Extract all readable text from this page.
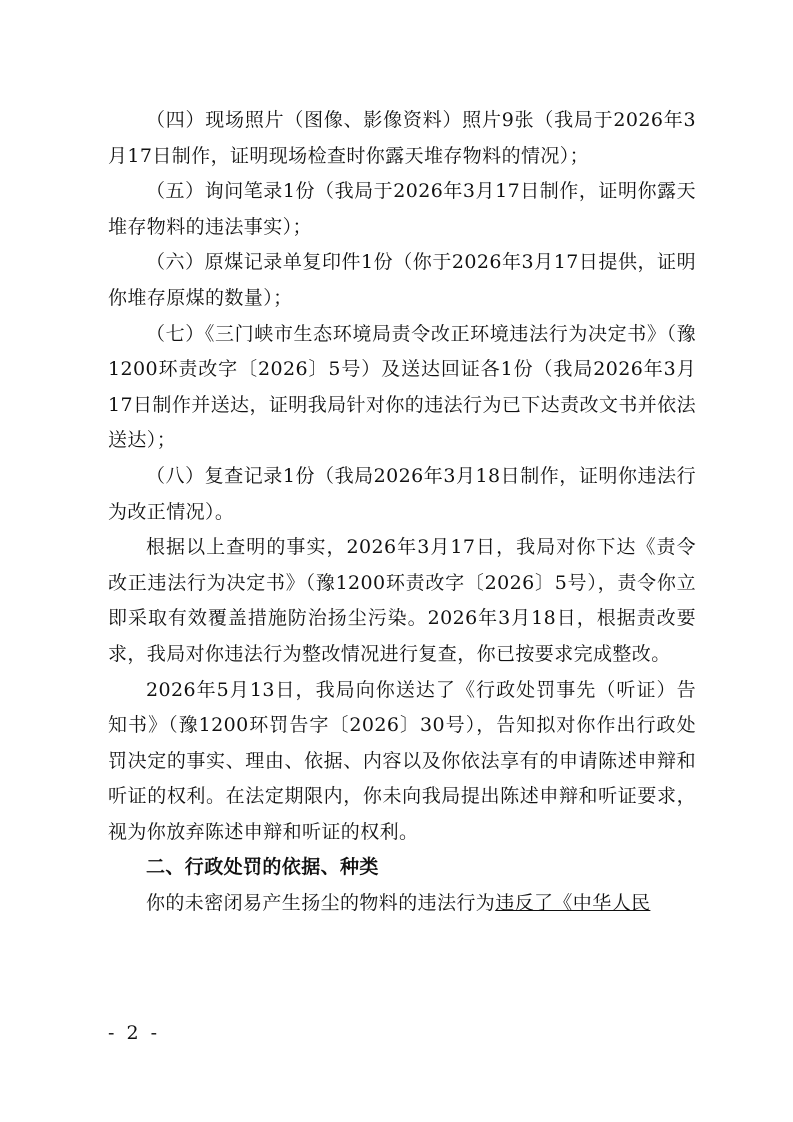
（四）现场照片（图像、影像资料）照片9张（我局于2026年3月17日制作，证明现场检查时你露天堆存物料的情况）；

（五）询问笔录1份（我局于2026年3月17日制作，证明你露天堆存物料的违法事实）；

（六）原煤记录单复印件1份（你于2026年3月17日提供，证明你堆存原煤的数量）；

（七）《三门峡市生态环境局责令改正环境违法行为决定书》（豫1200环责改字〔2026〕5号）及送达回证各1份（我局2026年3月17日制作并送达，证明我局针对你的违法行为已下达责改文书并依法送达）；

（八）复查记录1份（我局2026年3月18日制作，证明你违法行为改正情况）。

根据以上查明的事实，2026年3月17日，我局对你下达《责令改正违法行为决定书》（豫1200环责改字〔2026〕5号），责令你立即采取有效覆盖措施防治扬尘污染。2026年3月18日，根据责改要求，我局对你违法行为整改情况进行复查，你已按要求完成整改。

2026年5月13日，我局向你送达了《行政处罚事先（听证）告知书》（豫1200环罚告字〔2026〕30号），告知拟对你作出行政处罚决定的事实、理由、依据、内容以及你依法享有的申请陈述申辩和听证的权利。在法定期限内，你未向我局提出陈述申辩和听证要求，视为你放弃陈述申辩和听证的权利。

二、行政处罚的依据、种类

你的未密闭易产生扬尘的物料的违法行为违反了《中华人民

- 2 -
